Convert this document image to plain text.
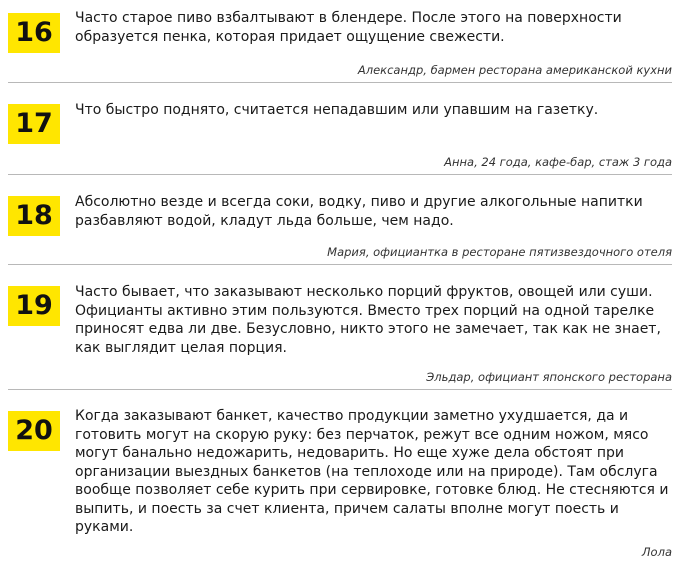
16	Часто старое пиво взбалтывают в блендере. После этого на поверхности образуется пенка, которая придает ощущение свежести.
Александр, бармен ресторана американской кухни
17	Что быстро поднято, считается непадавшим или упавшим на газетку.
Анна, 24 года, кафе-бар, стаж 3 года
18	Абсолютно везде и всегда соки, водку, пиво и другие алкогольные напитки разбавляют водой, кладут льда больше, чем надо.
Мария, официантка в ресторане пятизвездочного отеля
19	Часто бывает, что заказывают несколько порций фруктов, овощей или суши. Официанты активно этим пользуются. Вместо трех порций на одной тарелке приносят едва ли две. Безусловно, никто этого не замечает, так как не знает, как выглядит целая порция.
Эльдар, официант японского ресторана
20	Когда заказывают банкет, качество продукции заметно ухудшается, да и готовить могут на скорую руку: без перчаток, режут все одним ножом, мясо могут банально недожарить, недоварить. Но еще хуже дела обстоят при организации выездных банкетов (на теплоходе или на природе). Там обслуга вообще позволяет себе курить при сервировке, готовке блюд. Не стесняются и выпить, и поесть за счет клиента, причем салаты вполне могут поесть и руками.
Лола
